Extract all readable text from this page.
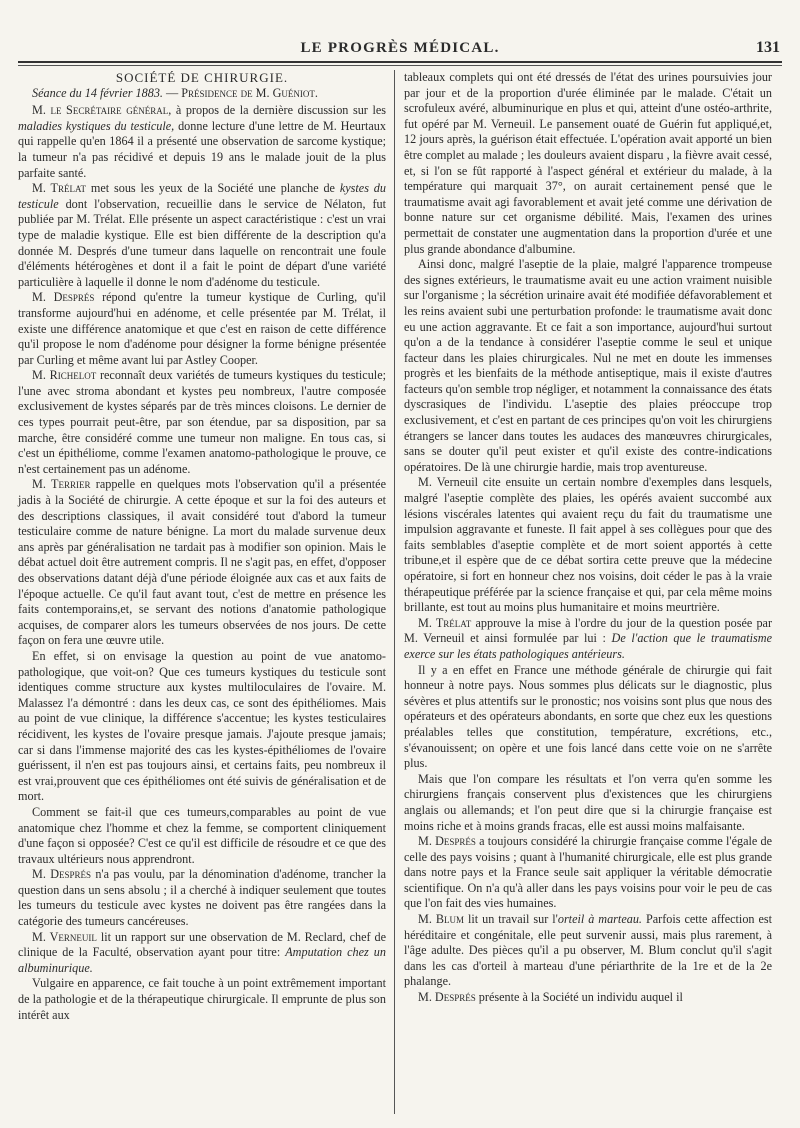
LE PROGRÈS MÉDICAL.	131

SOCIÉTÉ DE CHIRURGIE.

Séance du 14 février 1883. — Présidence de M. Guéniot.

M. le Secrétaire général, à propos de la dernière discussion sur les maladies kystiques du testicule, donne lecture d'une lettre de M. Heurtaux qui rappelle qu'en 1864 il a présenté une observation de sarcome kystique; la tumeur n'a pas récidivé et depuis 19 ans le malade jouit de la plus parfaite santé.

M. Trélat met sous les yeux de la Société une planche de kystes du testicule dont l'observation, recueillie dans le service de Nélaton, fut publiée par M. Trélat. Elle présente un aspect caractéristique : c'est un vrai type de maladie kystique. Elle est bien différente de la description qu'a donnée M. Després d'une tumeur dans laquelle on rencontrait une foule d'éléments hétérogènes et dont il a fait le point de départ d'une variété particulière à laquelle il donne le nom d'adénome du testicule.

M. Després répond qu'entre la tumeur kystique de Curling, qu'il transforme aujourd'hui en adénome, et celle présentée par M. Trélat, il existe une différence anatomique et que c'est en raison de cette différence qu'il propose le nom d'adénome pour désigner la forme bénigne présentée par Curling et même avant lui par Astley Cooper.

M. Richelot reconnaît deux variétés de tumeurs kystiques du testicule; l'une avec stroma abondant et kystes peu nombreux, l'autre composée exclusivement de kystes séparés par de très minces cloisons. Le dernier de ces types pourrait peut-être, par son étendue, par sa disposition, par sa marche, être considéré comme une tumeur non maligne. En tous cas, si c'est un épithéliome, comme l'examen anatomo-pathologique le prouve, ce n'est certainement pas un adénome.

M. Terrier rappelle en quelques mots l'observation qu'il a présentée jadis à la Société de chirurgie. A cette époque et sur la foi des auteurs et des descriptions classiques, il avait considéré tout d'abord la tumeur testiculaire comme de nature bénigne. La mort du malade survenue deux ans après par généralisation ne tardait pas à modifier son opinion. Mais le débat actuel doit être autrement compris. Il ne s'agit pas, en effet, d'opposer des observations datant déjà d'une période éloignée aux cas et aux faits de l'époque actuelle. Ce qu'il faut avant tout, c'est de mettre en présence les faits contemporains,et, se servant des notions d'anatomie pathologique acquises, de comparer alors les tumeurs observées de nos jours. De cette façon on fera une œuvre utile.

En effet, si on envisage la question au point de vue anatomo-pathologique, que voit-on? Que ces tumeurs kystiques du testicule sont identiques comme structure aux kystes multiloculaires de l'ovaire. M. Malassez l'a démontré : dans les deux cas, ce sont des épithéliomes. Mais au point de vue clinique, la différence s'accentue; les kystes testiculaires récidivent, les kystes de l'ovaire presque jamais. J'ajoute presque jamais; car si dans l'immense majorité des cas les kystes-épithéliomes de l'ovaire guérissent, il n'en est pas toujours ainsi, et certains faits, peu nombreux il est vrai,prouvent que ces épithéliomes ont été suivis de généralisation et de mort.

Comment se fait-il que ces tumeurs,comparables au point de vue anatomique chez l'homme et chez la femme, se comportent cliniquement d'une façon si opposée? C'est ce qu'il est difficile de résoudre et ce que des travaux ultérieurs nous apprendront.

M. Després n'a pas voulu, par la dénomination d'adénome, trancher la question dans un sens absolu ; il a cherché à indiquer seulement que toutes les tumeurs du testicule avec kystes ne doivent pas être rangées dans la catégorie des tumeurs cancéreuses.

M. Verneuil lit un rapport sur une observation de M. Reclard, chef de clinique de la Faculté, observation ayant pour titre: Amputation chez un albuminurique.

Vulgaire en apparence, ce fait touche à un point extrêmement important de la pathologie et de la thérapeutique chirurgicale. Il emprunte de plus son intérêt aux

tableaux complets qui ont été dressés de l'état des urines poursuivies jour par jour et de la proportion d'urée éliminée par le malade. C'était un scrofuleux avéré, albuminurique en plus et qui, atteint d'une ostéo-arthrite, fut opéré par M. Verneuil. Le pansement ouaté de Guérin fut appliqué,et, 12 jours après, la guérison était effectuée. L'opération avait apporté un bien être complet au malade ; les douleurs avaient disparu , la fièvre avait cessé, et, si l'on se fût rapporté à l'aspect général et extérieur du malade, à la température qui marquait 37°, on aurait certainement pensé que le traumatisme avait agi favorablement et avait jeté comme une dérivation de bonne nature sur cet organisme débilité. Mais, l'examen des urines permettait de constater une augmentation dans la proportion d'urée et une plus grande abondance d'albumine.

Ainsi donc, malgré l'aseptie de la plaie, malgré l'apparence trompeuse des signes extérieurs, le traumatisme avait eu une action vraiment nuisible sur l'organisme ; la sécrétion urinaire avait été modifiée défavorablement et les reins avaient subi une perturbation profonde: le traumatisme avait donc eu une action aggravante. Et ce fait a son importance, aujourd'hui surtout qu'on a de la tendance à considérer l'aseptie comme le seul et unique facteur dans les plaies chirurgicales. Nul ne met en doute les immenses progrès et les bienfaits de la méthode antiseptique, mais il existe d'autres facteurs qu'on semble trop négliger, et notamment la connaissance des états dyscrasiques de l'individu. L'aseptie des plaies préoccupe trop exclusivement, et c'est en partant de ces principes qu'on voit les chirurgiens étrangers se lancer dans toutes les audaces des manœuvres chirurgicales, sans se douter qu'il peut exister et qu'il existe des contre-indications opératoires. De là une chirurgie hardie, mais trop aventureuse.

M. Verneuil cite ensuite un certain nombre d'exemples dans lesquels, malgré l'aseptie complète des plaies, les opérés avaient succombé aux lésions viscérales latentes qui avaient reçu du fait du traumatisme une impulsion aggravante et funeste. Il fait appel à ses collègues pour que des faits semblables d'aseptie complète et de mort soient apportés à cette tribune,et il espère que de ce débat sortira cette preuve que la médecine opératoire, si fort en honneur chez nos voisins, doit céder le pas à la vraie thérapeutique préférée par la science française et qui, par cela même moins brillante, est tout au moins plus humanitaire et moins meurtrière.

M. Trélat approuve la mise à l'ordre du jour de la question posée par M. Verneuil et ainsi formulée par lui : De l'action que le traumatisme exerce sur les états pathologiques antérieurs.

Il y a en effet en France une méthode générale de chirurgie qui fait honneur à notre pays. Nous sommes plus délicats sur le diagnostic, plus sévères et plus attentifs sur le pronostic; nos voisins sont plus que nous des opérateurs et des opérateurs abondants, en sorte que chez eux les questions préalables telles que constitution, température, excrétions, etc., s'évanouissent; on opère et une fois lancé dans cette voie on ne s'arrête plus.

Mais que l'on compare les résultats et l'on verra qu'en somme les chirurgiens français conservent plus d'existences que les chirurgiens anglais ou allemands; et l'on peut dire que si la chirurgie française est moins riche et à moins grands fracas, elle est aussi moins malfaisante.

M. Després a toujours considéré la chirurgie française comme l'égale de celle des pays voisins ; quant à l'humanité chirurgicale, elle est plus grande dans notre pays et la France seule sait appliquer la véritable démocratie scientifique. On n'a qu'à aller dans les pays voisins pour voir le peu de cas que l'on fait des vies humaines.

M. Blum lit un travail sur l'orteil à marteau. Parfois cette affection est héréditaire et congénitale, elle peut survenir aussi, mais plus rarement, à l'âge adulte. Des pièces qu'il a pu observer, M. Blum conclut qu'il s'agit dans les cas d'orteil à marteau d'une périarthrite de la 1re et de la 2e phalange.

M. Després présente à la Société un individu auquel il
